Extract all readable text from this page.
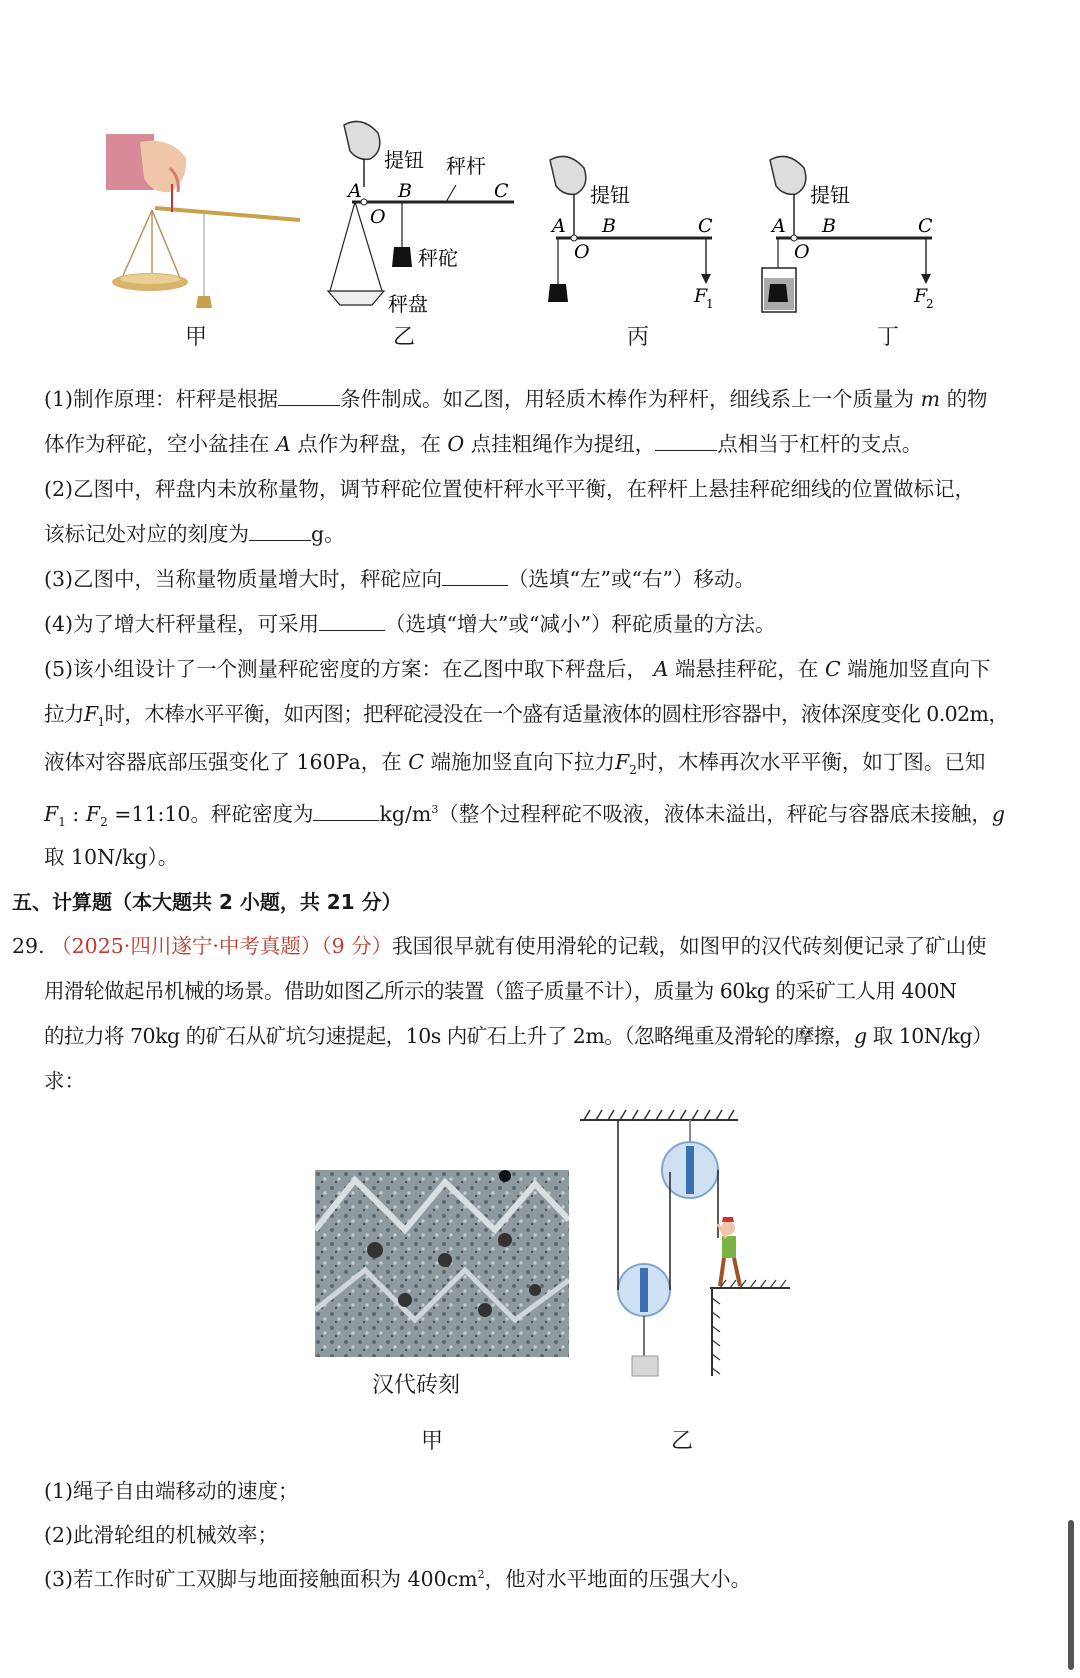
甲
提钮 秤杆
A B	C
O
秤砣
秤盘
乙
提钮
A B	C
O
F
1
丙
提钮
A B	C
O
F
2
丁
(1)制作原理：杆秤是根据	条件制成。如乙图，用轻质木棒作为秤杆，细线系上一个质量为 m 的物
体作为秤砣，空小盆挂在 A 点作为秤盘，在 O 点挂粗绳作为提纽，	点相当于杠杆的支点。
(2)乙图中，秤盘内未放称量物，调节秤砣位置使杆秤水平平衡，在秤杆上悬挂秤砣细线的位置做标记，
该标记处对应的刻度为	g。
(3)乙图中，当称量物质量增大时，秤砣应向	（选填“左”或“右”）移动。
(4)为了增大杆秤量程，可采用	（选填“增大”或“减小”）秤砣质量的方法。
(5)该小组设计了一个测量秤砣密度的方案：在乙图中取下秤盘后， A 端悬挂秤砣，在 C 端施加竖直向下
拉力$F_1$时，木棒水平平衡，如丙图；把秤砣浸没在一个盛有适量液体的圆柱形容器中，液体深度变化 0.02m，
液体对容器底部压强变化了 160Pa，在 C 端施加竖直向下拉力$F_2$时，木棒再次水平平衡，如丁图。已知
$F_1$ : $F_2$ =11:10。秤砣密度为	$kg/m^3$（整个过程秤砣不吸液，液体未溢出，秤砣与容器底未接触，g
取 10N/kg）。
五、计算题（本大题共 2 小题，共 21 分）
29. （2025·四川遂宁·中考真题）（9 分）我国很早就有使用滑轮的记载，如图甲的汉代砖刻便记录了矿山使
用滑轮做起吊机械的场景。借助如图乙所示的装置（篮子质量不计），质量为 60kg 的采矿工人用 400N
的拉力将 70kg 的矿石从矿坑匀速提起，10s 内矿石上升了 2m。（忽略绳重及滑轮的摩擦，g 取 10N/kg）
求：
汉代砖刻
甲	乙
(1)绳子自由端移动的速度；
(2)此滑轮组的机械效率；
(3)若工作时矿工双脚与地面接触面积为 $400cm^2$，他对水平地面的压强大小。
